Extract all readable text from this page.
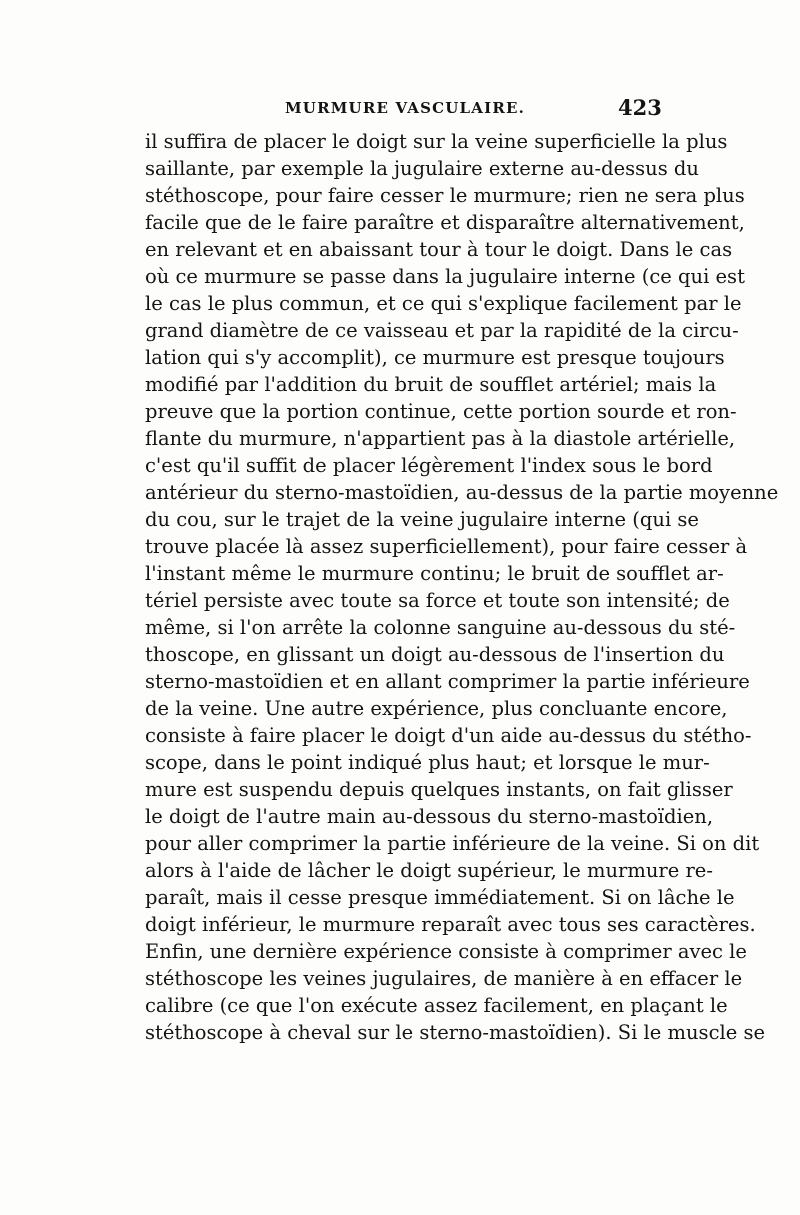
MURMURE VASCULAIRE.	423
il suffira de placer le doigt sur la veine superficielle la plus
saillante, par exemple la jugulaire externe au-dessus du
stéthoscope, pour faire cesser le murmure; rien ne sera plus
facile que de le faire paraître et disparaître alternativement,
en relevant et en abaissant tour à tour le doigt. Dans le cas
où ce murmure se passe dans la jugulaire interne (ce qui est
le cas le plus commun, et ce qui s'explique facilement par le
grand diamètre de ce vaisseau et par la rapidité de la circu-
lation qui s'y accomplit), ce murmure est presque toujours
modifié par l'addition du bruit de soufflet artériel; mais la
preuve que la portion continue, cette portion sourde et ron-
flante du murmure, n'appartient pas à la diastole artérielle,
c'est qu'il suffit de placer légèrement l'index sous le bord
antérieur du sterno-mastoïdien, au-dessus de la partie moyenne
du cou, sur le trajet de la veine jugulaire interne (qui se
trouve placée là assez superficiellement), pour faire cesser à
l'instant même le murmure continu; le bruit de soufflet ar-
tériel persiste avec toute sa force et toute son intensité; de
même, si l'on arrête la colonne sanguine au-dessous du sté-
thoscope, en glissant un doigt au-dessous de l'insertion du
sterno-mastoïdien et en allant comprimer la partie inférieure
de la veine. Une autre expérience, plus concluante encore,
consiste à faire placer le doigt d'un aide au-dessus du stétho-
scope, dans le point indiqué plus haut; et lorsque le mur-
mure est suspendu depuis quelques instants, on fait glisser
le doigt de l'autre main au-dessous du sterno-mastoïdien,
pour aller comprimer la partie inférieure de la veine. Si on dit
alors à l'aide de lâcher le doigt supérieur, le murmure re-
paraît, mais il cesse presque immédiatement. Si on lâche le
doigt inférieur, le murmure reparaît avec tous ses caractères.
Enfin, une dernière expérience consiste à comprimer avec le
stéthoscope les veines jugulaires, de manière à en effacer le
calibre (ce que l'on exécute assez facilement, en plaçant le
stéthoscope à cheval sur le sterno-mastoïdien). Si le muscle se
